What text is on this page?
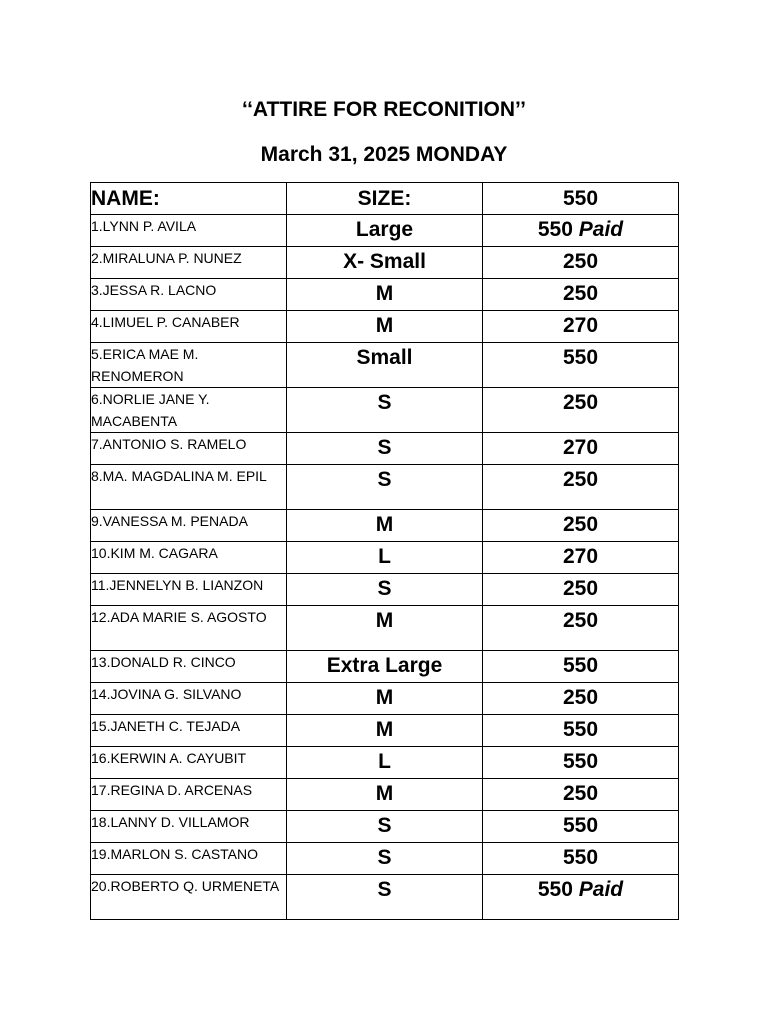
‘‘ATTIRE FOR RECONITION’’
March 31, 2025 MONDAY
NAME:	SIZE:	550
1.LYNN P. AVILA	Large	550 Paid
2.MIRALUNA P. NUNEZ	X- Small	250
3.JESSA R. LACNO	M	250
4.LIMUEL P. CANABER	M	270
5.ERICA MAE M. RENOMERON	Small	550
6.NORLIE JANE Y. MACABENTA	S	250
7.ANTONIO S. RAMELO	S	270
8.MA. MAGDALINA M. EPIL	S	250
9.VANESSA M. PENADA	M	250
10.KIM M. CAGARA	L	270
11.JENNELYN B. LIANZON	S	250
12.ADA MARIE S. AGOSTO	M	250
13.DONALD R. CINCO	Extra Large	550
14.JOVINA G. SILVANO	M	250
15.JANETH C. TEJADA	M	550
16.KERWIN A. CAYUBIT	L	550
17.REGINA D. ARCENAS	M	250
18.LANNY D. VILLAMOR	S	550
19.MARLON S. CASTANO	S	550
20.ROBERTO Q. URMENETA	S	550 Paid
